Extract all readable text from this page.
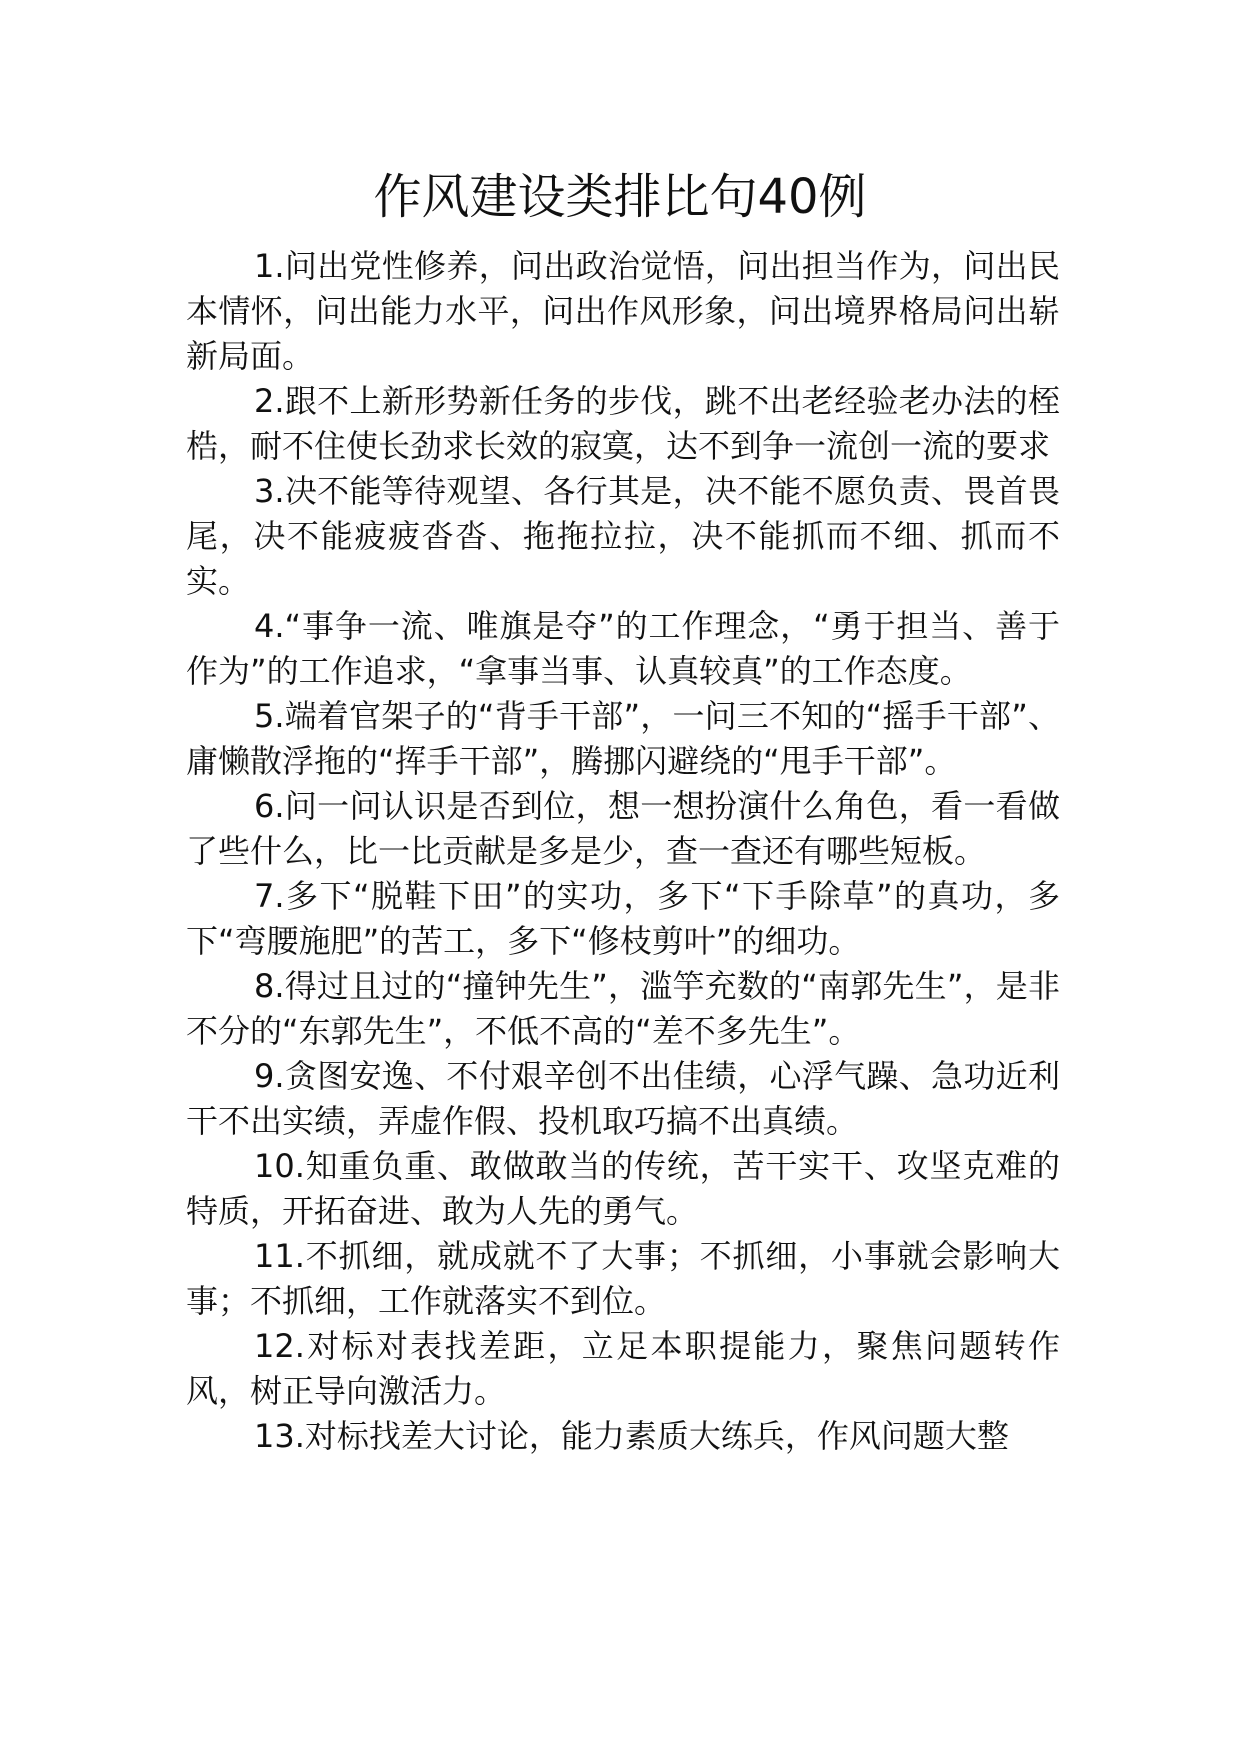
作风建设类排比句40例

1.问出党性修养，问出政治觉悟，问出担当作为，问出民本情怀，问出能力水平，问出作风形象，问出境界格局问出崭新局面。

2.跟不上新形势新任务的步伐，跳不出老经验老办法的桎梏，耐不住使长劲求长效的寂寞，达不到争一流创一流的要求

3.决不能等待观望、各行其是，决不能不愿负责、畏首畏尾，决不能疲疲沓沓、拖拖拉拉，决不能抓而不细、抓而不实。

4.“事争一流、唯旗是夺”的工作理念，“勇于担当、善于作为”的工作追求，“拿事当事、认真较真”的工作态度。

5.端着官架子的“背手干部”，一问三不知的“摇手干部”、庸懒散浮拖的“挥手干部”，腾挪闪避绕的“甩手干部”。

6.问一问认识是否到位，想一想扮演什么角色，看一看做了些什么，比一比贡献是多是少，查一查还有哪些短板。

7.多下“脱鞋下田”的实功，多下“下手除草”的真功，多下“弯腰施肥”的苦工，多下“修枝剪叶”的细功。

8.得过且过的“撞钟先生”，滥竽充数的“南郭先生”，是非不分的“东郭先生”，不低不高的“差不多先生”。

9.贪图安逸、不付艰辛创不出佳绩，心浮气躁、急功近利干不出实绩，弄虚作假、投机取巧搞不出真绩。

10.知重负重、敢做敢当的传统，苦干实干、攻坚克难的特质，开拓奋进、敢为人先的勇气。

11.不抓细，就成就不了大事；不抓细，小事就会影响大事；不抓细，工作就落实不到位。

12.对标对表找差距，立足本职提能力，聚焦问题转作风，树正导向激活力。

13.对标找差大讨论，能力素质大练兵，作风问题大整
